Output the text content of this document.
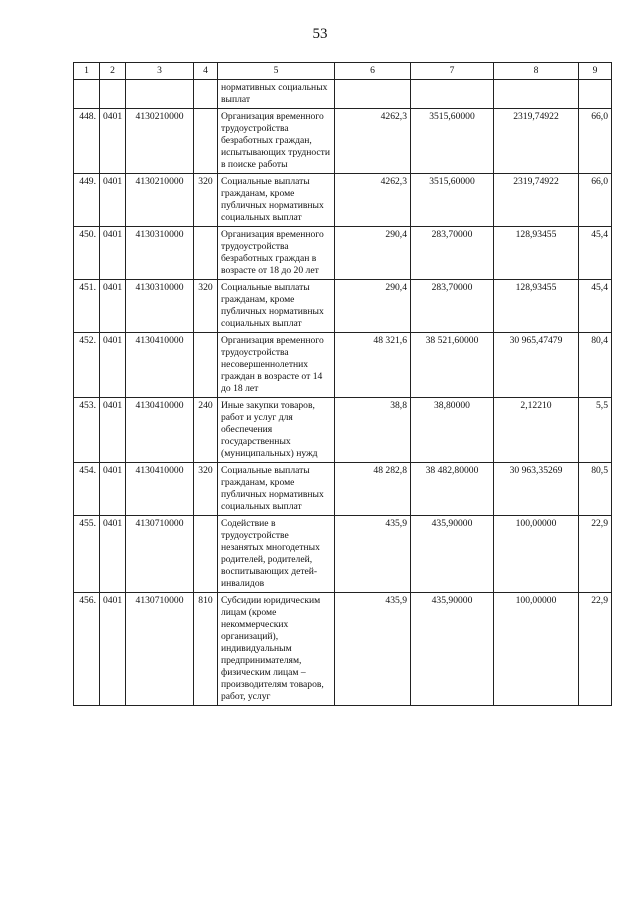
53
1	2	3	4	5	6	7	8	9
				нормативных социальных выплат				
448.	0401	4130210000		Организация временного трудоустройства безработных граждан, испытывающих трудности в поиске работы	4262,3	3515,60000	2319,74922	66,0
449.	0401	4130210000	320	Социальные выплаты гражданам, кроме публичных нормативных социальных выплат	4262,3	3515,60000	2319,74922	66,0
450.	0401	4130310000		Организация временного трудоустройства безработных граждан в возрасте от 18 до 20 лет	290,4	283,70000	128,93455	45,4
451.	0401	4130310000	320	Социальные выплаты гражданам, кроме публичных нормативных социальных выплат	290,4	283,70000	128,93455	45,4
452.	0401	4130410000		Организация временного трудоустройства несовершеннолетних граждан в возрасте от 14 до 18 лет	48 321,6	38 521,60000	30 965,47479	80,4
453.	0401	4130410000	240	Иные закупки товаров, работ и услуг для обеспечения государственных (муниципальных) нужд	38,8	38,80000	2,12210	5,5
454.	0401	4130410000	320	Социальные выплаты гражданам, кроме публичных нормативных социальных выплат	48 282,8	38 482,80000	30 963,35269	80,5
455.	0401	4130710000		Содействие в трудоустройстве незанятых многодетных родителей, родителей, воспитывающих детей-инвалидов	435,9	435,90000	100,00000	22,9
456.	0401	4130710000	810	Субсидии юридическим лицам (кроме некоммерческих организаций), индивидуальным предпринимателям, физическим лицам – производителям товаров, работ, услуг	435,9	435,90000	100,00000	22,9
